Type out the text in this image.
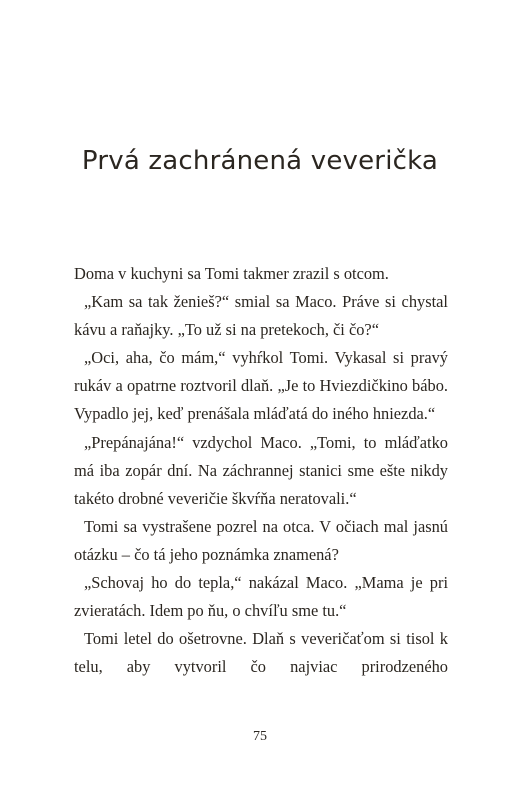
Prvá zachránená veverička

Doma v kuchyni sa Tomi takmer zrazil s otcom.

„Kam sa tak ženieš?“ smial sa Maco. Práve si chystal kávu a raňajky. „To už si na pretekoch, či čo?“

„Oci, aha, čo mám,“ vyhŕkol Tomi. Vykasal si pravý rukáv a opatrne roztvoril dlaň. „Je to Hviezdičkino bábo. Vypadlo jej, keď prenášala mláďatá do iného hniezda.“

„Prepánajána!“ vzdychol Maco. „Tomi, to mláďatko má iba zopár dní. Na záchrannej stanici sme ešte nikdy takéto drobné veveričie škvŕňa neratovali.“

Tomi sa vystrašene pozrel na otca. V očiach mal jasnú otázku – čo tá jeho poznámka znamená?

„Schovaj ho do tepla,“ nakázal Maco. „Mama je pri zvieratách. Idem po ňu, o chvíľu sme tu.“

Tomi letel do ošetrovne. Dlaň s veveričaťom si tisol k telu, aby vytvoril čo najviac prirodzeného

75
